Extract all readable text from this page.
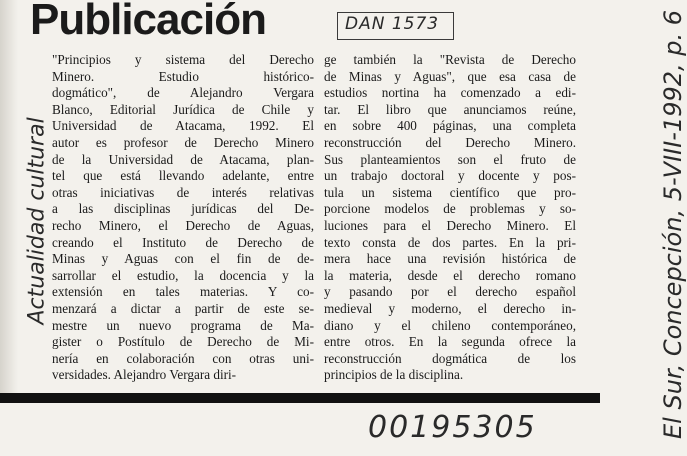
Publicación	DAN 1573
"Principios y sistema del Derecho
Minero. Estudio histórico-
dogmático", de Alejandro Vergara
Blanco, Editorial Jurídica de Chile y
Universidad de Atacama, 1992. El
autor es profesor de Derecho Minero
de la Universidad de Atacama, plan-
tel que está llevando adelante, entre
otras iniciativas de interés relativas
a las disciplinas jurídicas del De-
recho Minero, el Derecho de Aguas,
creando el Instituto de Derecho de
Minas y Aguas con el fin de de-
sarrollar el estudio, la docencia y la
extensión en tales materias. Y co-
menzará a dictar a partir de este se-
mestre un nuevo programa de Ma-
gister o Postítulo de Derecho de Mi-
nería en colaboración con otras uni-
versidades. Alejandro Vergara diri-
ge también la "Revista de Derecho
de Minas y Aguas", que esa casa de
estudios nortina ha comenzado a edi-
tar. El libro que anunciamos reúne,
en sobre 400 páginas, una completa
reconstrucción del Derecho Minero.
Sus planteamientos son el fruto de
un trabajo doctoral y docente y pos-
tula un sistema científico que pro-
porcione modelos de problemas y so-
luciones para el Derecho Minero. El
texto consta de dos partes. En la pri-
mera hace una revisión histórica de
la materia, desde el derecho romano
y pasando por el derecho español
medieval y moderno, el derecho in-
diano y el chileno contemporáneo,
entre otros. En la segunda ofrece la
reconstrucción dogmática de los
principios de la disciplina.
Actualidad cultural	El Sur, Concepción, 5-VIII-1992, p. 6
00195305
